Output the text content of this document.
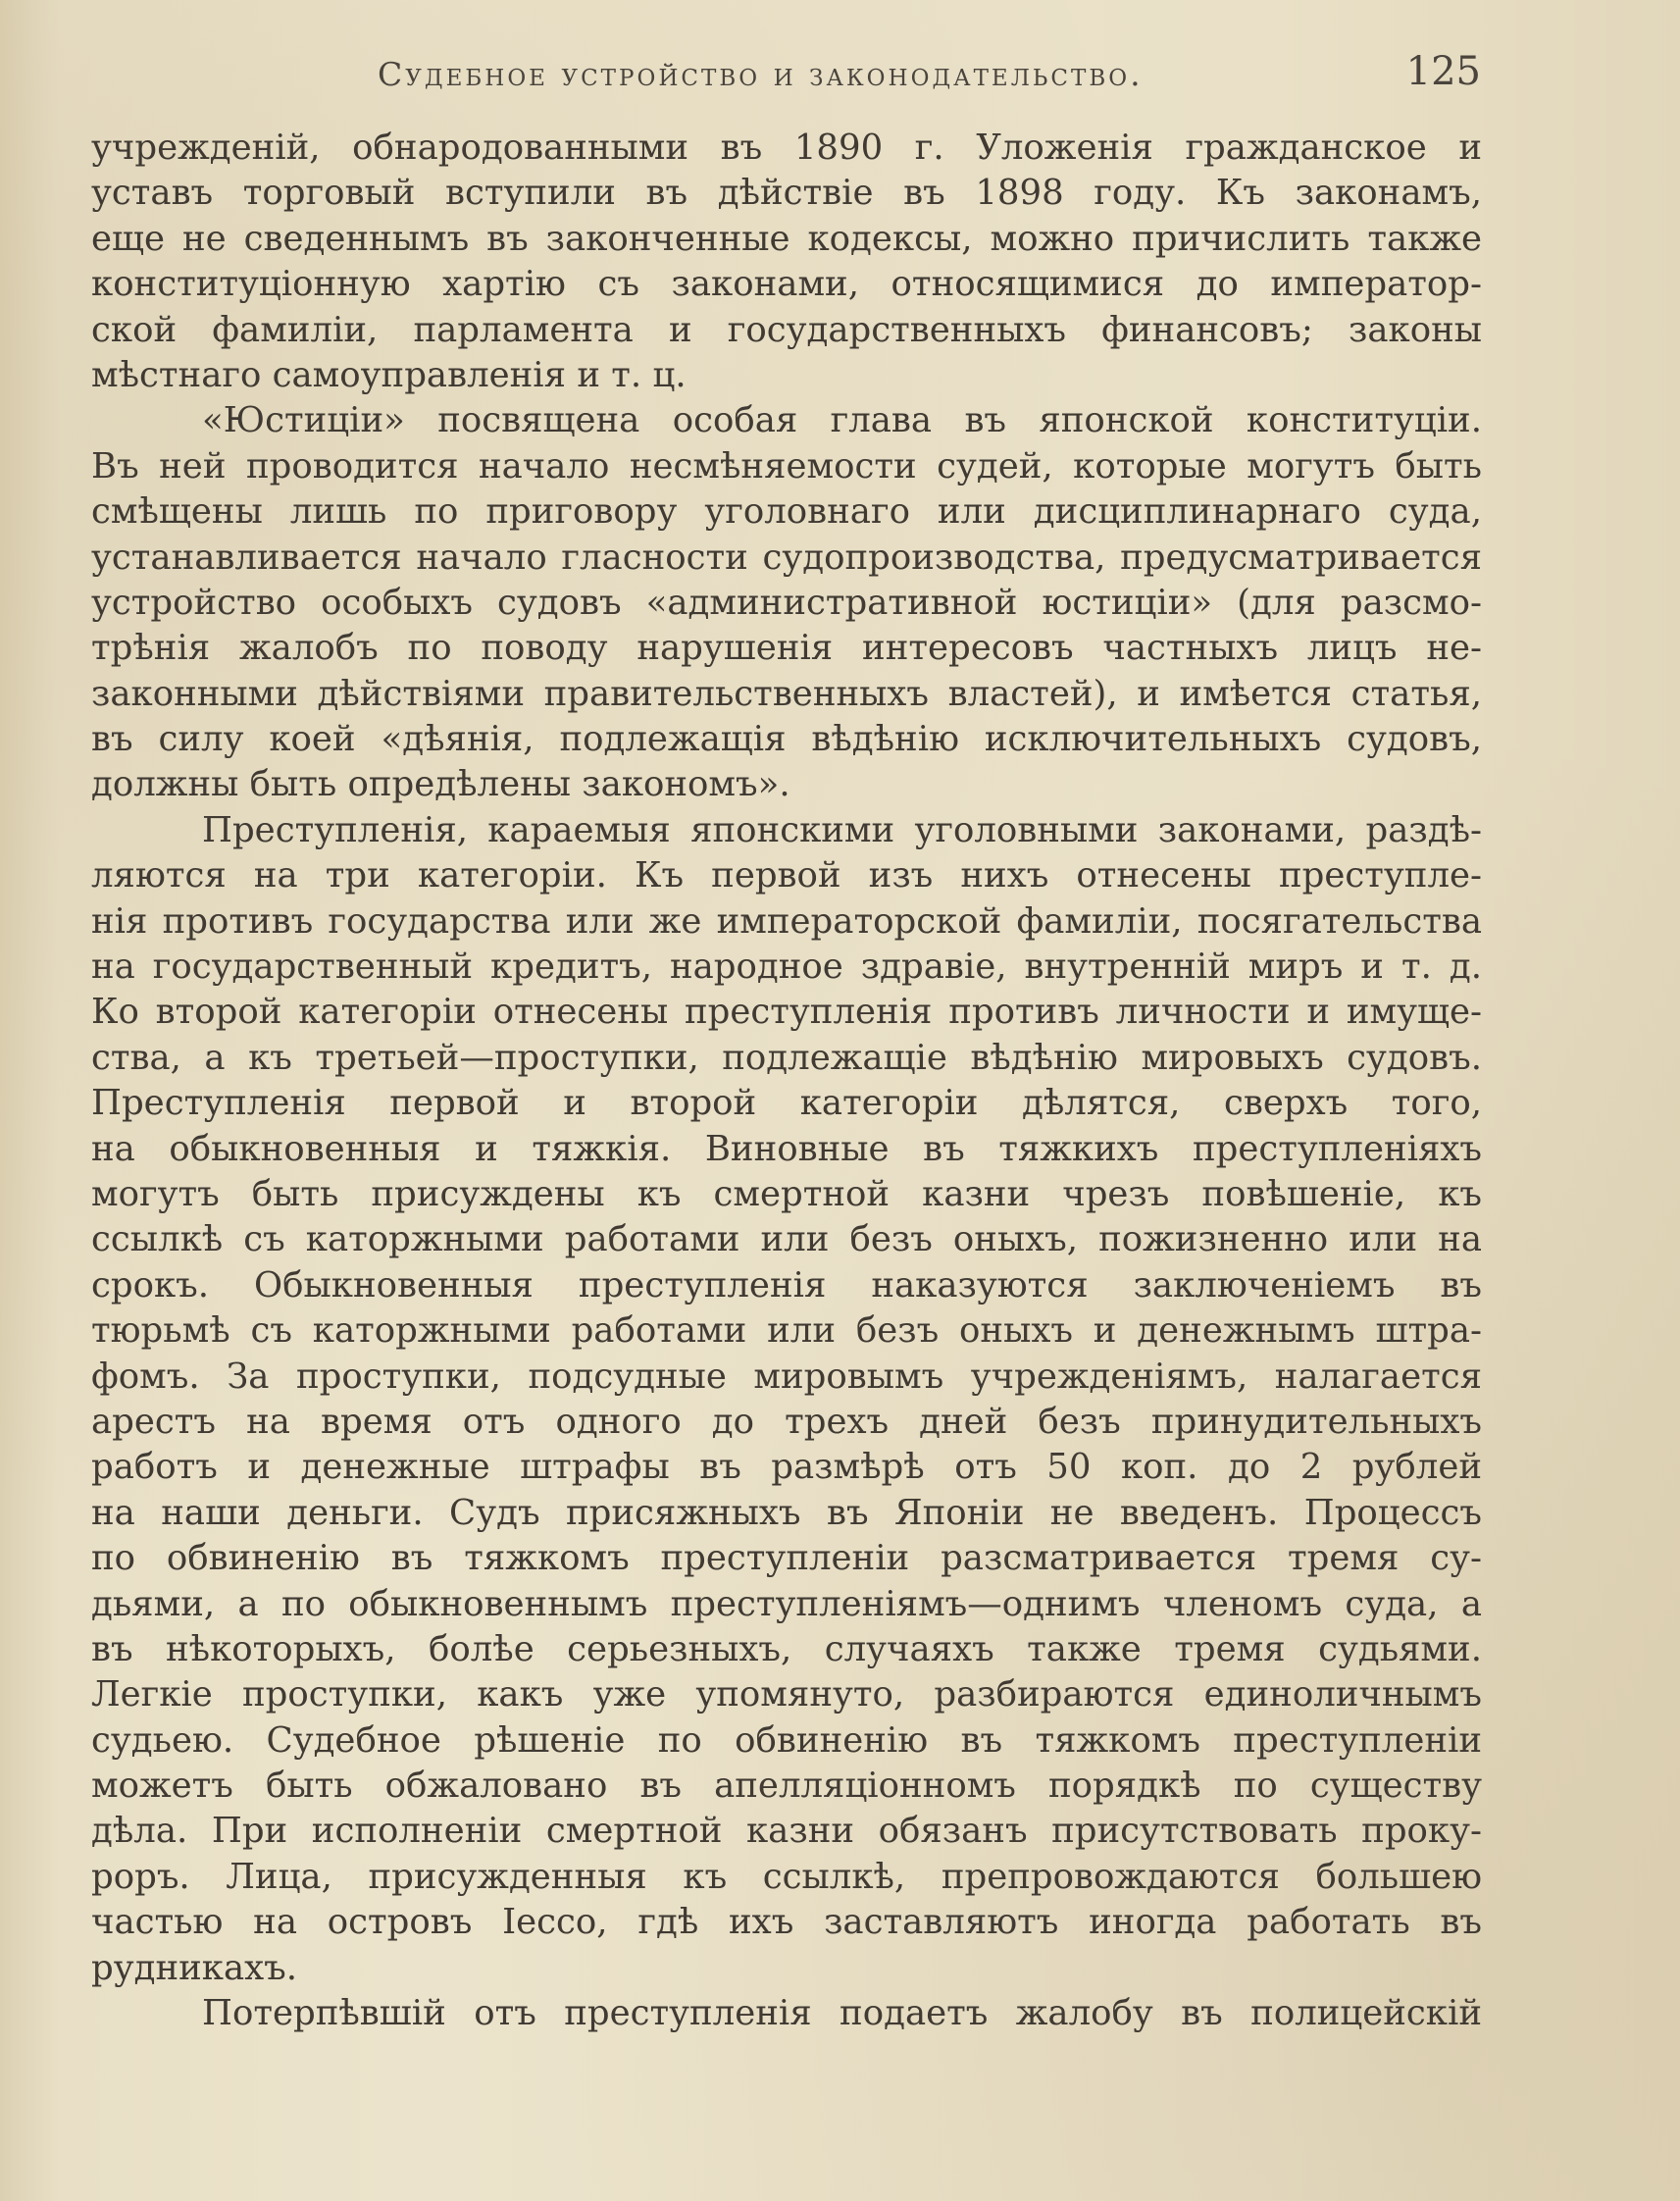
Судебное устройство и законодательство.	125
учрежденій, обнародованными въ 1890 г. Уложенія гражданское и
уставъ торговый вступили въ дѣйствіе въ 1898 году. Къ законамъ,
еще не сведеннымъ въ законченные кодексы, можно причислить также
конституціонную хартію съ законами, относящимися до император-
ской фамиліи, парламента и государственныхъ финансовъ; законы
мѣстнаго самоуправленія и т. ц.
«Юстиціи» посвящена особая глава въ японской конституціи.
Въ ней проводится начало несмѣняемости судей, которые могутъ быть
смѣщены лишь по приговору уголовнаго или дисциплинарнаго суда,
устанавливается начало гласности судопроизводства, предусматривается
устройство особыхъ судовъ «административной юстиціи» (для разсмо-
трѣнія жалобъ по поводу нарушенія интересовъ частныхъ лицъ не-
законными дѣйствіями правительственныхъ властей), и имѣется статья,
въ силу коей «дѣянія, подлежащія вѣдѣнію исключительныхъ судовъ,
должны быть опредѣлены закономъ».
Преступленія, караемыя японскими уголовными законами, раздѣ-
ляются на три категоріи. Къ первой изъ нихъ отнесены преступле-
нія противъ государства или же императорской фамиліи, посягательства
на государственный кредитъ, народное здравіе, внутренній миръ и т. д.
Ко второй категоріи отнесены преступленія противъ личности и имуще-
ства, а къ третьей—проступки, подлежащіе вѣдѣнію мировыхъ судовъ.
Преступленія первой и второй категоріи дѣлятся, сверхъ того,
на обыкновенныя и тяжкія. Виновные въ тяжкихъ преступленіяхъ
могутъ быть присуждены къ смертной казни чрезъ повѣшеніе, къ
ссылкѣ съ каторжными работами или безъ оныхъ, пожизненно или на
срокъ. Обыкновенныя преступленія наказуются заключеніемъ въ
тюрьмѣ съ каторжными работами или безъ оныхъ и денежнымъ штра-
фомъ. За проступки, подсудные мировымъ учрежденіямъ, налагается
арестъ на время отъ одного до трехъ дней безъ принудительныхъ
работъ и денежные штрафы въ размѣрѣ отъ 50 коп. до 2 рублей
на наши деньги. Судъ присяжныхъ въ Японіи не введенъ. Процессъ
по обвиненію въ тяжкомъ преступленіи разсматривается тремя су-
дьями, а по обыкновеннымъ преступленіямъ—однимъ членомъ суда, а
въ нѣкоторыхъ, болѣе серьезныхъ, случаяхъ также тремя судьями.
Легкіе проступки, какъ уже упомянуто, разбираются единоличнымъ
судьею. Судебное рѣшеніе по обвиненію въ тяжкомъ преступленіи
можетъ быть обжаловано въ апелляціонномъ порядкѣ по существу
дѣла. При исполненіи смертной казни обязанъ присутствовать проку-
роръ. Лица, присужденныя къ ссылкѣ, препровождаются большею
частью на островъ Іессо, гдѣ ихъ заставляютъ иногда работать въ
рудникахъ.
Потерпѣвшій отъ преступленія подаетъ жалобу въ полицейскій
